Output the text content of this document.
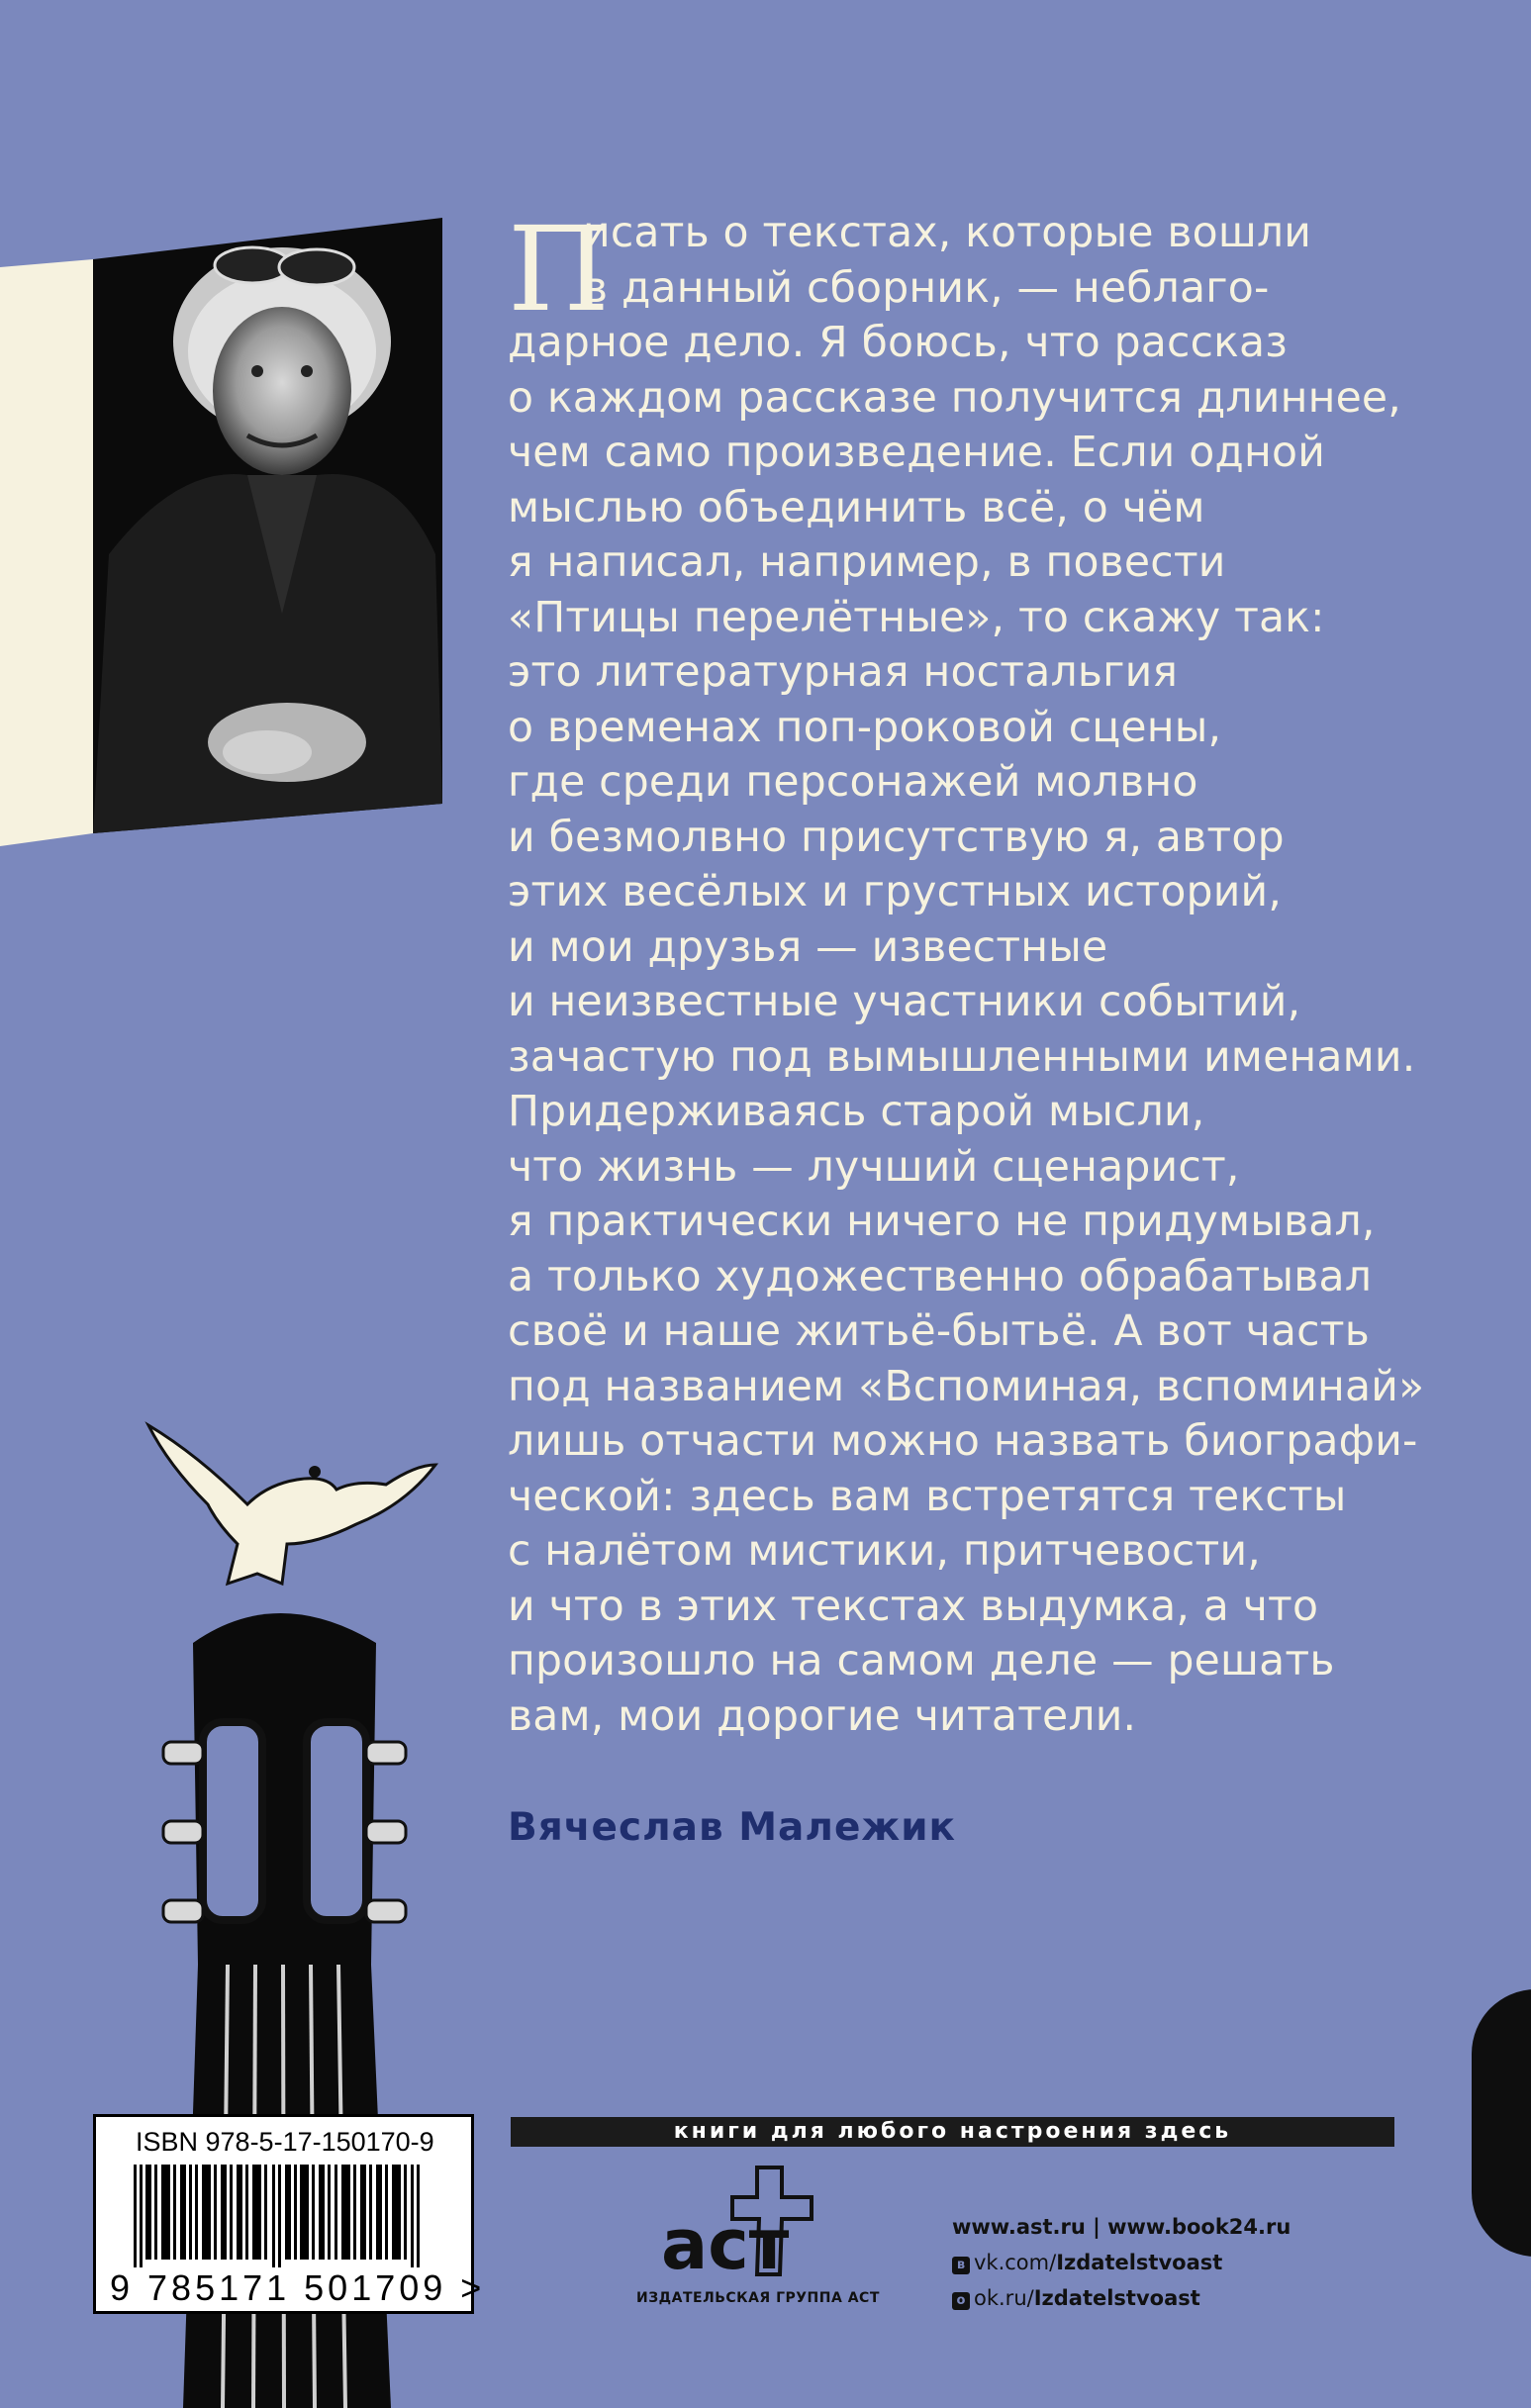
П
исать о текстах, которые вошли
в данный сборник, — неблаго-
дарное дело. Я боюсь, что рассказ
о каждом рассказе получится длиннее,
чем само произведение. Если одной
мыслью объединить всё, о чём
я написал, например, в повести
«Птицы перелётные», то скажу так:
это литературная ностальгия
о временах поп-роковой сцены,
где среди персонажей молвно
и безмолвно присутствую я, автор
этих весёлых и грустных историй,
и мои друзья — известные
и неизвестные участники событий,
зачастую под вымышленными именами.
Придерживаясь старой мысли,
что жизнь — лучший сценарист,
я практически ничего не придумывал,
а только художественно обрабатывал
своё и наше житьё-бытьё. А вот часть
под названием «Вспоминая, вспоминай»
лишь отчасти можно назвать биографи-
ческой: здесь вам встретятся тексты
с налётом мистики, притчевости,
и что в этих текстах выдумка, а что
произошло на самом деле — решать
вам, мои дорогие читатели.
Вячеслав Малежик
книги для любого настроения здесь
ISBN 978-5-17-150170-9
9 785171 501709 >
аст
ИЗДАТЕЛЬСКАЯ ГРУППА АСТ
www.ast.ru | www.book24.ru
в vk.com/Izdatelstvoast
о ok.ru/Izdatelstvoast
